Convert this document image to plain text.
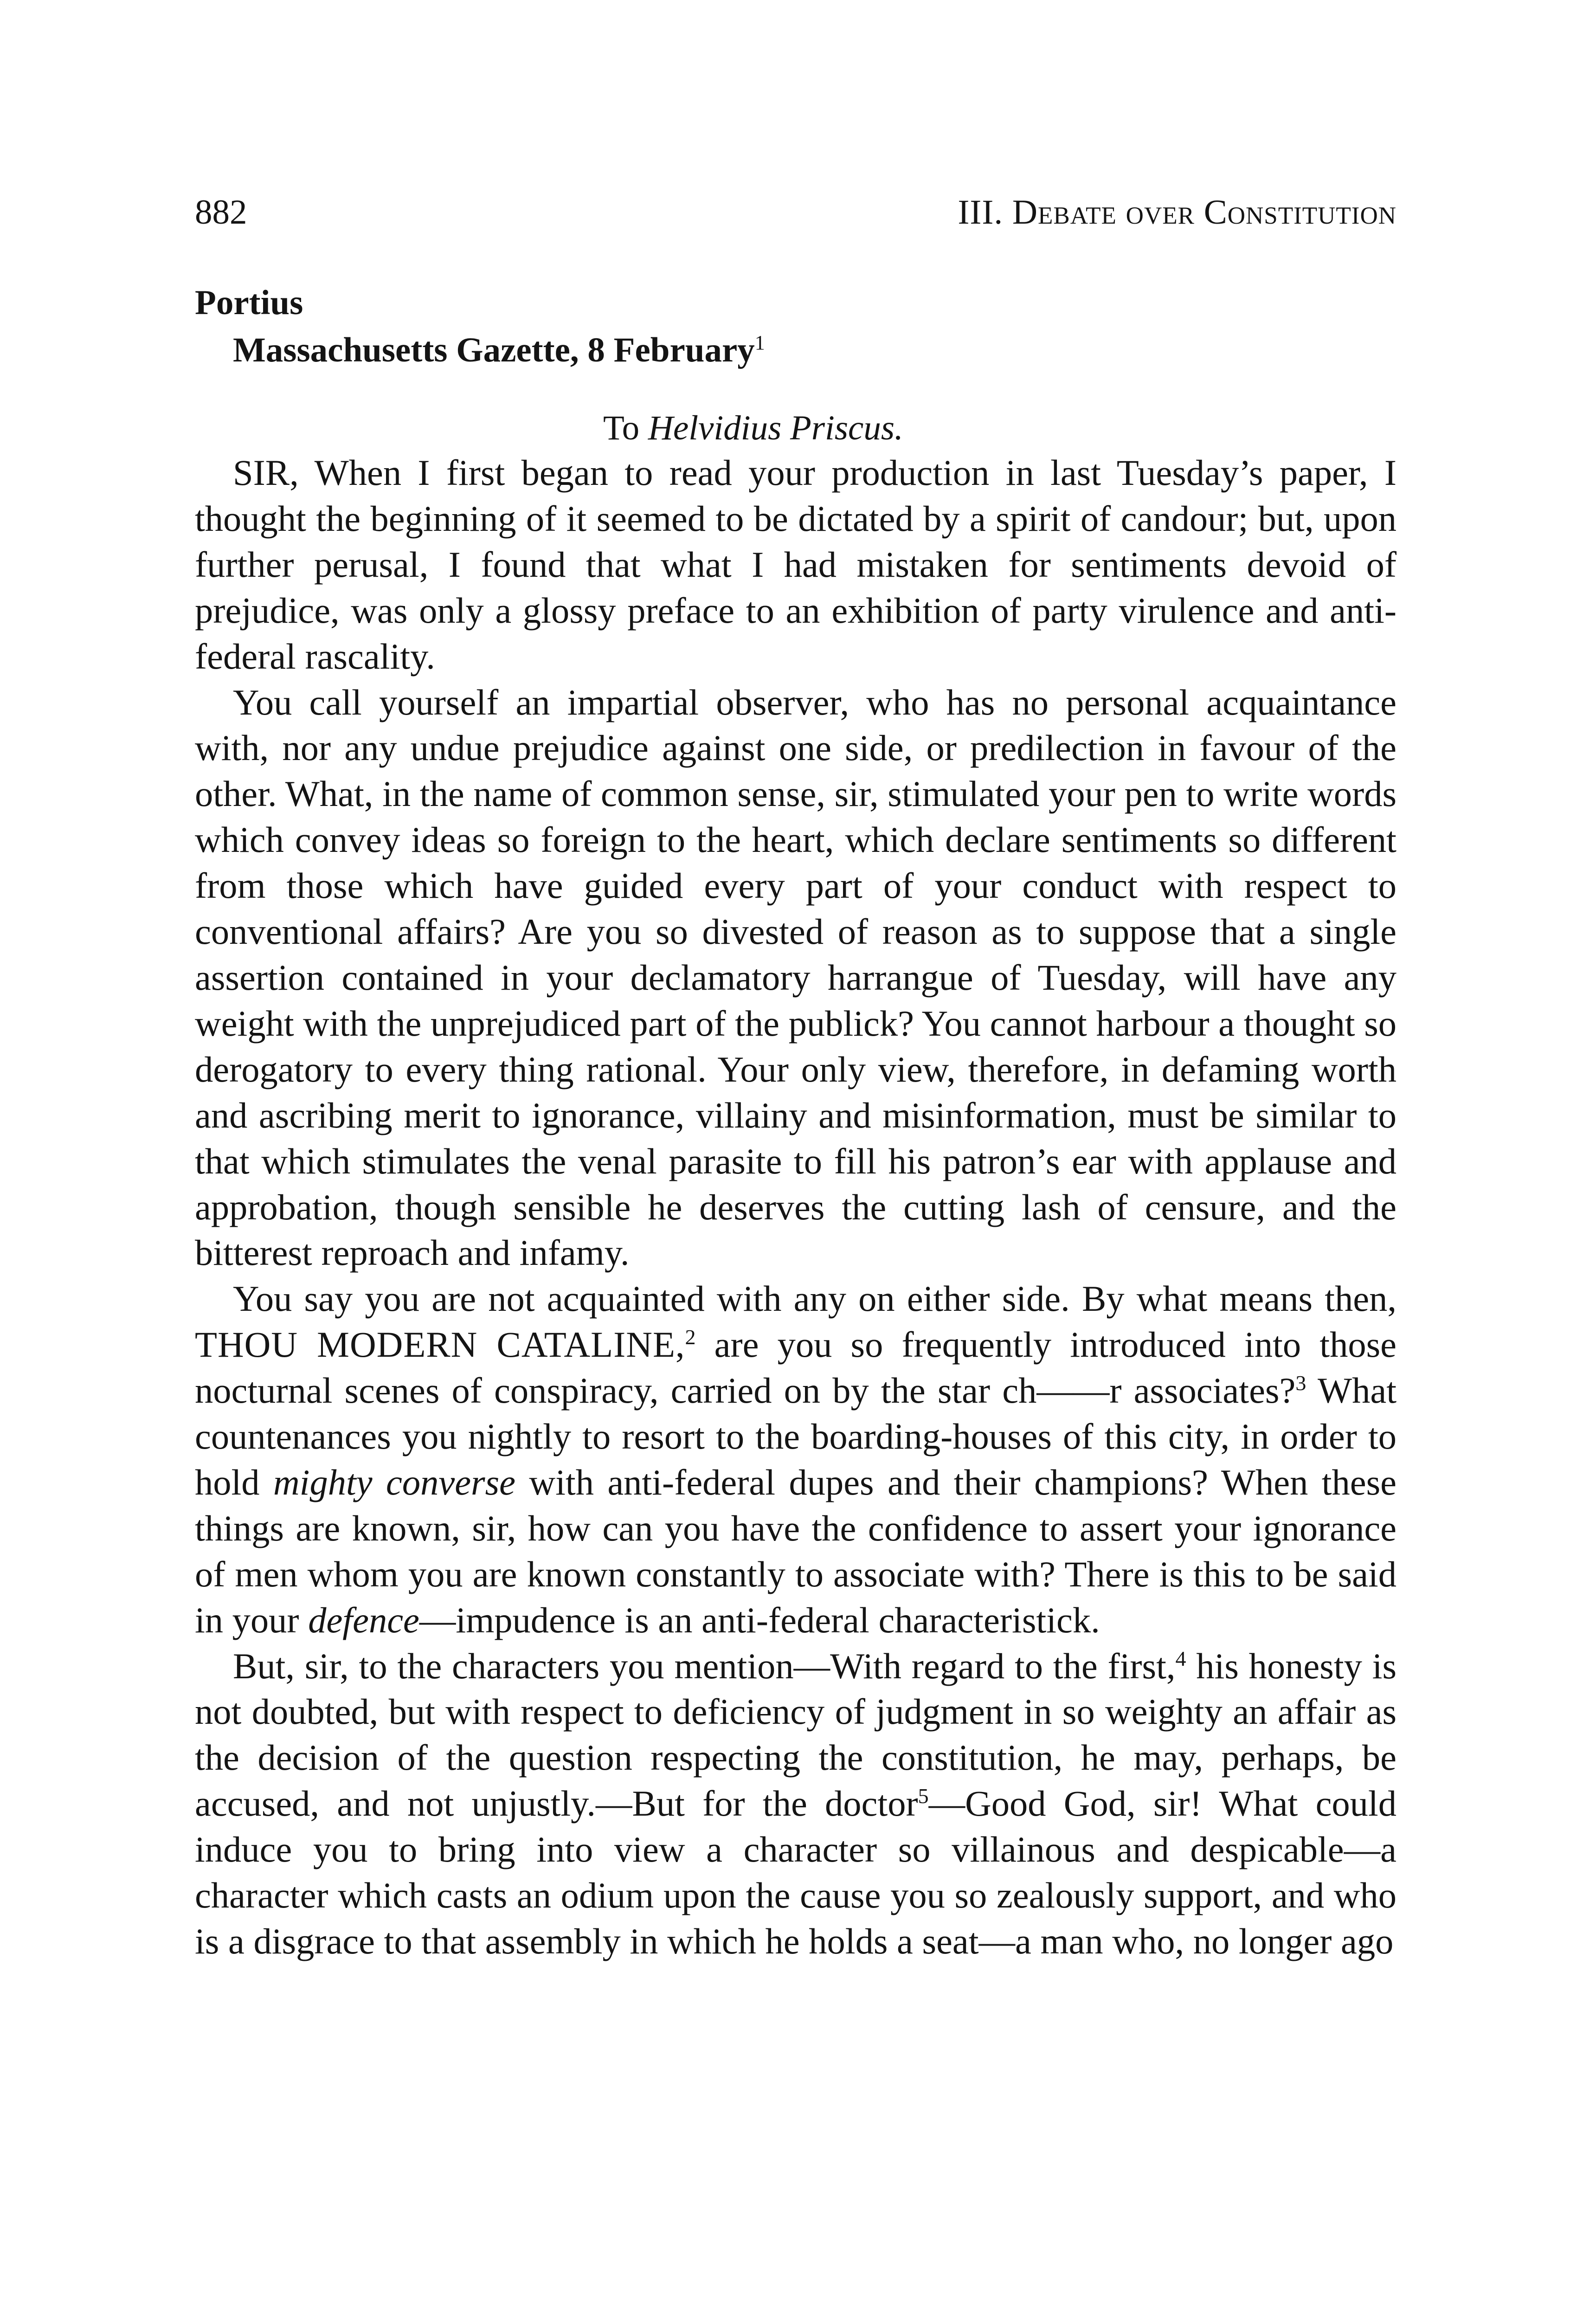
882	III. Debate over Constitution
Portius
Massachusetts Gazette, 8 February$^1$
To Helvidius Priscus.

SIR, When I first began to read your production in last Tuesday’s paper, I thought the beginning of it seemed to be dictated by a spirit of candour; but, upon further perusal, I found that what I had mistaken for sentiments devoid of prejudice, was only a glossy preface to an exhibition of party virulence and anti-federal rascality.

You call yourself an impartial observer, who has no personal acquaintance with, nor any undue prejudice against one side, or predilection in favour of the other. What, in the name of common sense, sir, stimulated your pen to write words which convey ideas so foreign to the heart, which declare sentiments so different from those which have guided every part of your conduct with respect to conventional affairs? Are you so divested of reason as to suppose that a single assertion contained in your declamatory harrangue of Tuesday, will have any weight with the unprejudiced part of the publick? You cannot harbour a thought so derogatory to every thing rational. Your only view, therefore, in defaming worth and ascribing merit to ignorance, villainy and misinformation, must be similar to that which stimulates the venal parasite to fill his patron’s ear with applause and approbation, though sensible he deserves the cutting lash of censure, and the bitterest reproach and infamy.

You say you are not acquainted with any on either side. By what means then, THOU MODERN CATALINE,$^2$ are you so frequently introduced into those nocturnal scenes of conspiracy, carried on by the star ch——r associates?$^3$ What countenances you nightly to resort to the boarding-houses of this city, in order to hold mighty converse with anti-federal dupes and their champions? When these things are known, sir, how can you have the confidence to assert your ignorance of men whom you are known constantly to associate with? There is this to be said in your defence—impudence is an anti-federal characteristick.

But, sir, to the characters you mention—With regard to the first,$^4$ his honesty is not doubted, but with respect to deficiency of judgment in so weighty an affair as the decision of the question respecting the constitution, he may, perhaps, be accused, and not unjustly.—But for the doctor$^5$—Good God, sir! What could induce you to bring into view a character so villainous and despicable—a character which casts an odium upon the cause you so zealously support, and who is a disgrace to that assembly in which he holds a seat—a man who, no longer ago
